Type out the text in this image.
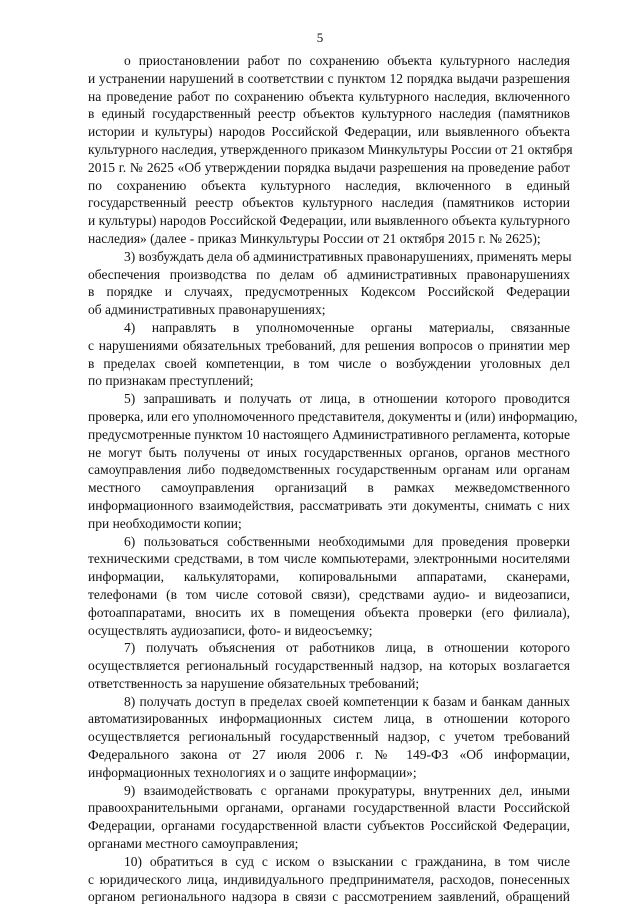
5
о приостановлении работ по сохранению объекта культурного наследия
и устранении нарушений в соответствии с пунктом 12 порядка выдачи разрешения
на проведение работ по сохранению объекта культурного наследия, включенного
в единый государственный реестр объектов культурного наследия (памятников
истории и культуры) народов Российской Федерации, или выявленного объекта
культурного наследия, утвержденного приказом Минкультуры России от 21 октября
2015 г. № 2625 «Об утверждении порядка выдачи разрешения на проведение работ
по сохранению объекта культурного наследия, включенного в единый
государственный реестр объектов культурного наследия (памятников истории
и культуры) народов Российской Федерации, или выявленного объекта культурного
наследия» (далее - приказ Минкультуры России от 21 октября 2015 г. № 2625);
3) возбуждать дела об административных правонарушениях, применять меры
обеспечения производства по делам об административных правонарушениях
в порядке и случаях, предусмотренных Кодексом Российской Федерации
об административных правонарушениях;
4) направлять в уполномоченные органы материалы, связанные
с нарушениями обязательных требований, для решения вопросов о принятии мер
в пределах своей компетенции, в том числе о возбуждении уголовных дел
по признакам преступлений;
5) запрашивать и получать от лица, в отношении которого проводится
проверка, или его уполномоченного представителя, документы и (или) информацию,
предусмотренные пунктом 10 настоящего Административного регламента, которые
не могут быть получены от иных государственных органов, органов местного
самоуправления либо подведомственных государственным органам или органам
местного самоуправления организаций в рамках межведомственного
информационного взаимодействия, рассматривать эти документы, снимать с них
при необходимости копии;
6) пользоваться собственными необходимыми для проведения проверки
техническими средствами, в том числе компьютерами, электронными носителями
информации, калькуляторами, копировальными аппаратами, сканерами,
телефонами (в том числе сотовой связи), средствами аудио- и видеозаписи,
фотоаппаратами, вносить их в помещения объекта проверки (его филиала),
осуществлять аудиозаписи, фото- и видеосъемку;
7) получать объяснения от работников лица, в отношении которого
осуществляется региональный государственный надзор, на которых возлагается
ответственность за нарушение обязательных требований;
8) получать доступ в пределах своей компетенции к базам и банкам данных
автоматизированных информационных систем лица, в отношении которого
осуществляется региональный государственный надзор, с учетом требований
Федерального закона от 27 июля 2006 г. № 149-ФЗ «Об информации,
информационных технологиях и о защите информации»;
9) взаимодействовать с органами прокуратуры, внутренних дел, иными
правоохранительными органами, органами государственной власти Российской
Федерации, органами государственной власти субъектов Российской Федерации,
органами местного самоуправления;
10) обратиться в суд с иском о взыскании с гражданина, в том числе
с юридического лица, индивидуального предпринимателя, расходов, понесенных
органом регионального надзора в связи с рассмотрением заявлений, обращений
